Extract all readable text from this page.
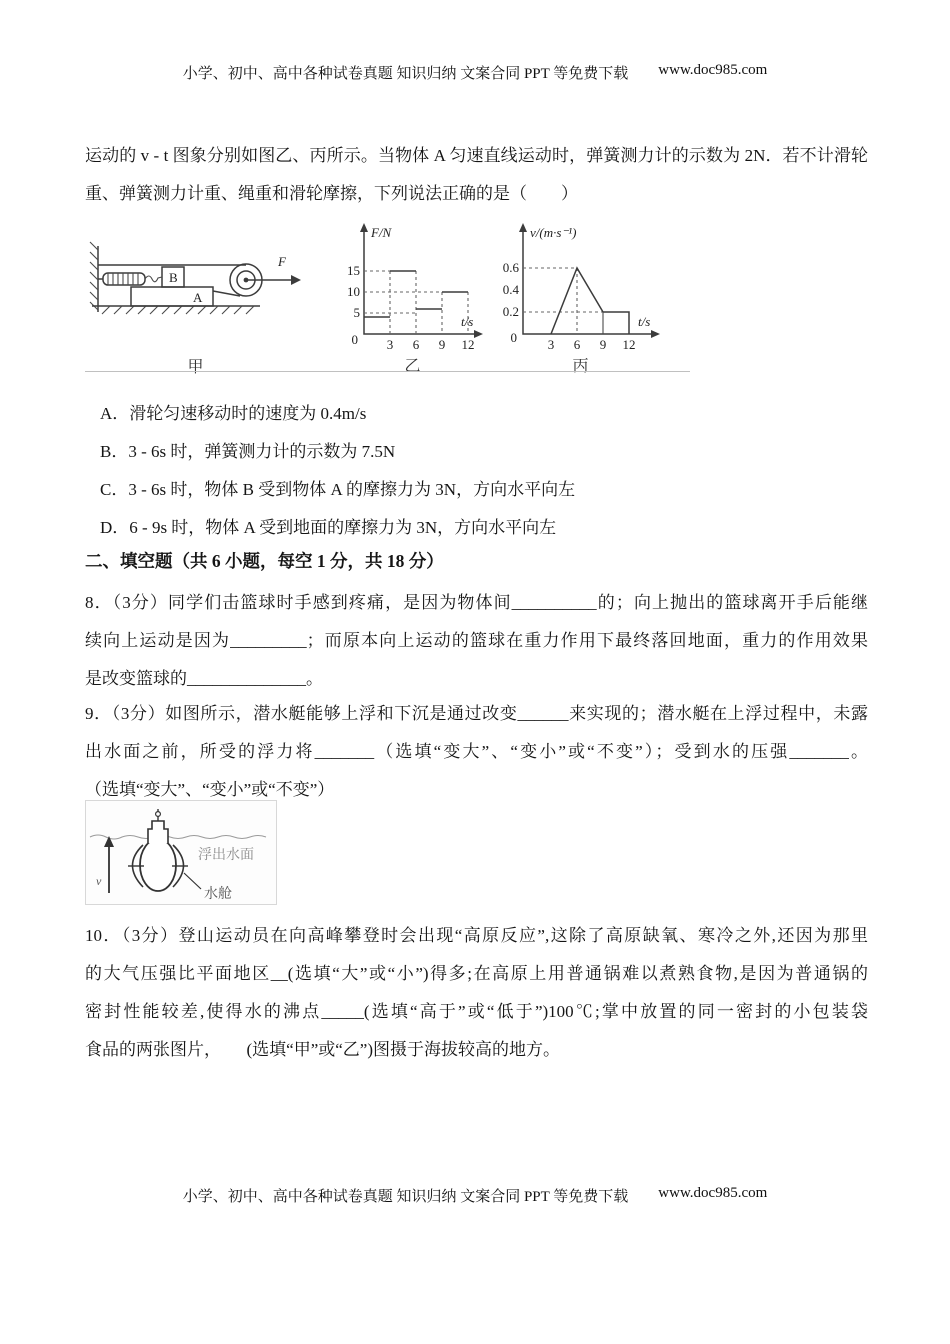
小学、初中、高中各种试卷真题 知识归纳 文案合同 PPT 等免费下载 www.doc985.com
运动的 v - t 图象分别如图乙、丙所示。当物体 A 匀速直线运动时，弹簧测力计的示数为 2N．若不计滑轮
重、弹簧测力计重、绳重和滑轮摩擦，下列说法正确的是（　　）
A
B
F
甲
F/N
t/s
15
10
5
0 3 6 9 12
乙
v/(m·s⁻¹)
t/s
0.6
0.4
0.2
0 3 6 9 12
丙
A．滑轮匀速移动时的速度为 0.4m/s
B．3 - 6s 时，弹簧测力计的示数为 7.5N
C．3 - 6s 时，物体 B 受到物体 A 的摩擦力为 3N，方向水平向左
D．6 - 9s 时，物体 A 受到地面的摩擦力为 3N，方向水平向左
二、填空题（共 6 小题，每空 1 分，共 18 分）
8．（3分）同学们击篮球时手感到疼痛，是因为物体间__________的；向上抛出的篮球离开手后能继
续向上运动是因为_________；而原本向上运动的篮球在重力作用下最终落回地面，重力的作用效果
是改变篮球的______________。
9．（3分）如图所示，潜水艇能够上浮和下沉是通过改变______来实现的；潜水艇在上浮过程中，未露
出水面之前，所受的浮力将_______（选填“变大”、“变小”或“不变”）；受到水的压强_______。
（选填“变大”、“变小”或“不变”）
v
浮出水面
水舱
10．（3分）登山运动员在向高峰攀登时会出现“高原反应”,这除了高原缺氧、寒冷之外,还因为那里
的大气压强比平面地区__(选填“大”或“小”)得多;在高原上用普通锅难以煮熟食物,是因为普通锅的
密封性能较差,使得水的沸点_____(选填“高于”或“低于”)100℃;掌中放置的同一密封的小包装袋
食品的两张图片，　　(选填“甲”或“乙”)图摄于海拔较高的地方。
小学、初中、高中各种试卷真题 知识归纳 文案合同 PPT 等免费下载 www.doc985.com
